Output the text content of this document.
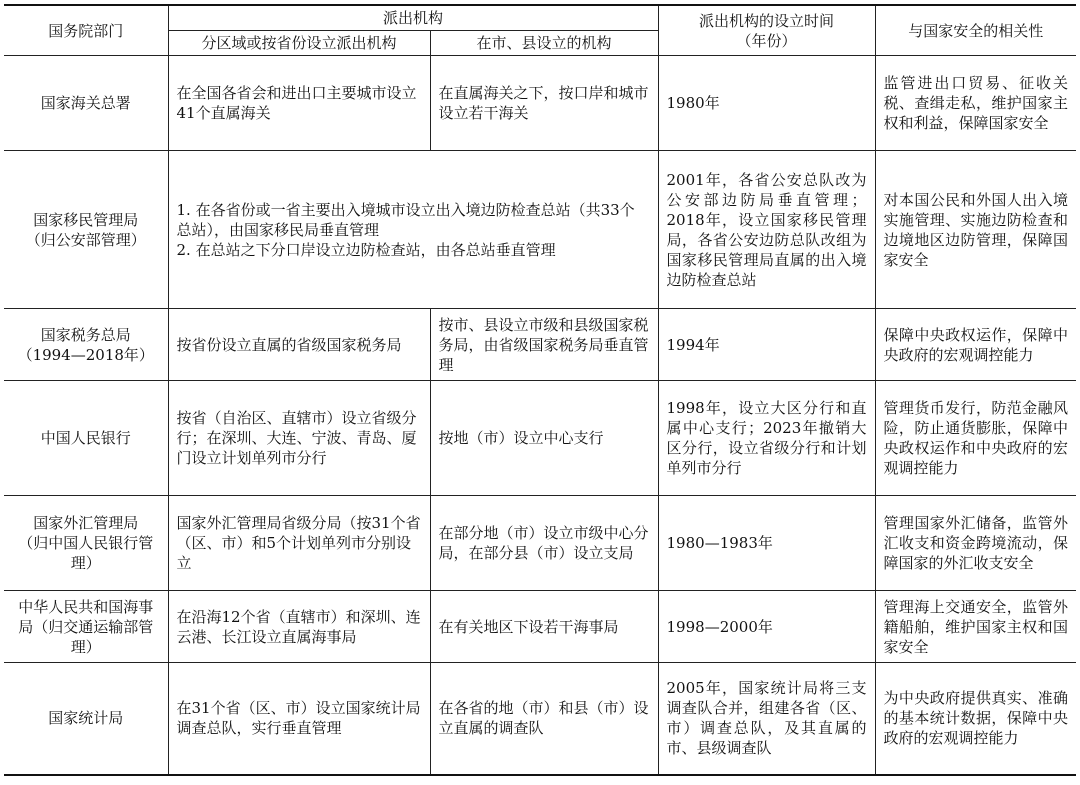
国务院部门	派出机构		派出机构的设立时间
（年份）	与国家安全的相关性
	分区域或按省份设立派出机构	在市、县设立的机构		
国家海关总署	在全国各省会和进出口主要城市设立41个直属海关	在直属海关之下，按口岸和城市设立若干海关	1980年	监管进出口贸易、征收关税、查缉走私，维护国家主权和利益，保障国家安全
国家移民管理局
（归公安部管理）	1. 在各省份或一省主要出入境城市设立出入境边防检查总站（共33个总站），由国家移民局垂直管理
2. 在总站之下分口岸设立边防检查站，由各总站垂直管理		2001年，各省公安总队改为公安部边防局垂直管理；2018年，设立国家移民管理局，各省公安边防总队改组为国家移民管理局直属的出入境边防检查总站	对本国公民和外国人出入境实施管理、实施边防检查和边境地区边防管理，保障国家安全
国家税务总局
（1994—2018年）	按省份设立直属的省级国家税务局	按市、县设立市级和县级国家税务局，由省级国家税务局垂直管理	1994年	保障中央政权运作，保障中央政府的宏观调控能力
中国人民银行	按省（自治区、直辖市）设立省级分行；在深圳、大连、宁波、青岛、厦门设立计划单列市分行	按地（市）设立中心支行	1998年，设立大区分行和直属中心支行；2023年撤销大区分行，设立省级分行和计划单列市分行	管理货币发行，防范金融风险，防止通货膨胀，保障中央政权运作和中央政府的宏观调控能力
国家外汇管理局
（归中国人民银行管理）	国家外汇管理局省级分局（按31个省（区、市）和5个计划单列市分别设立	在部分地（市）设立市级中心分局，在部分县（市）设立支局	1980—1983年	管理国家外汇储备，监管外汇收支和资金跨境流动，保障国家的外汇收支安全
中华人民共和国海事局（归交通运输部管理）	在沿海12个省（直辖市）和深圳、连云港、长江设立直属海事局	在有关地区下设若干海事局	1998—2000年	管理海上交通安全，监管外籍船舶，维护国家主权和国家安全
国家统计局	在31个省（区、市）设立国家统计局调查总队，实行垂直管理	在各省的地（市）和县（市）设立直属的调查队	2005年，国家统计局将三支调查队合并，组建各省（区、市）调查总队，及其直属的市、县级调查队	为中央政府提供真实、准确的基本统计数据，保障中央政府的宏观调控能力
